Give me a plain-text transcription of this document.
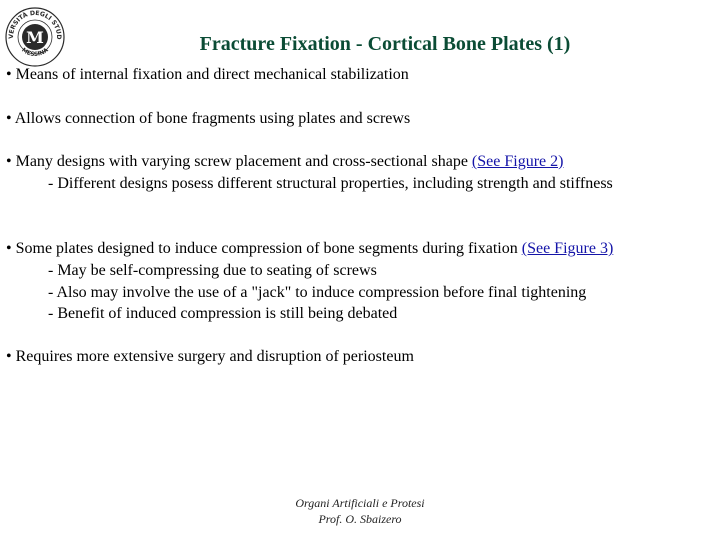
VERSITÀ DEGLI STUD
MESSINA
M	Fracture Fixation - Cortical Bone Plates (1)
• Means of internal fixation and direct mechanical stabilization
• Allows connection of bone fragments using plates and screws
• Many designs with varying screw placement and cross-sectional shape (See Figure 2)
- Different designs posess different structural properties, including strength and stiffness
• Some plates designed to induce compression of bone segments during fixation (See Figure 3)
- May be self-compressing due to seating of screws
- Also may involve the use of a "jack" to induce compression before final tightening
- Benefit of induced compression is still being debated
• Requires more extensive surgery and disruption of periosteum
Organi Artificiali e Protesi
Prof. O. Sbaizero
